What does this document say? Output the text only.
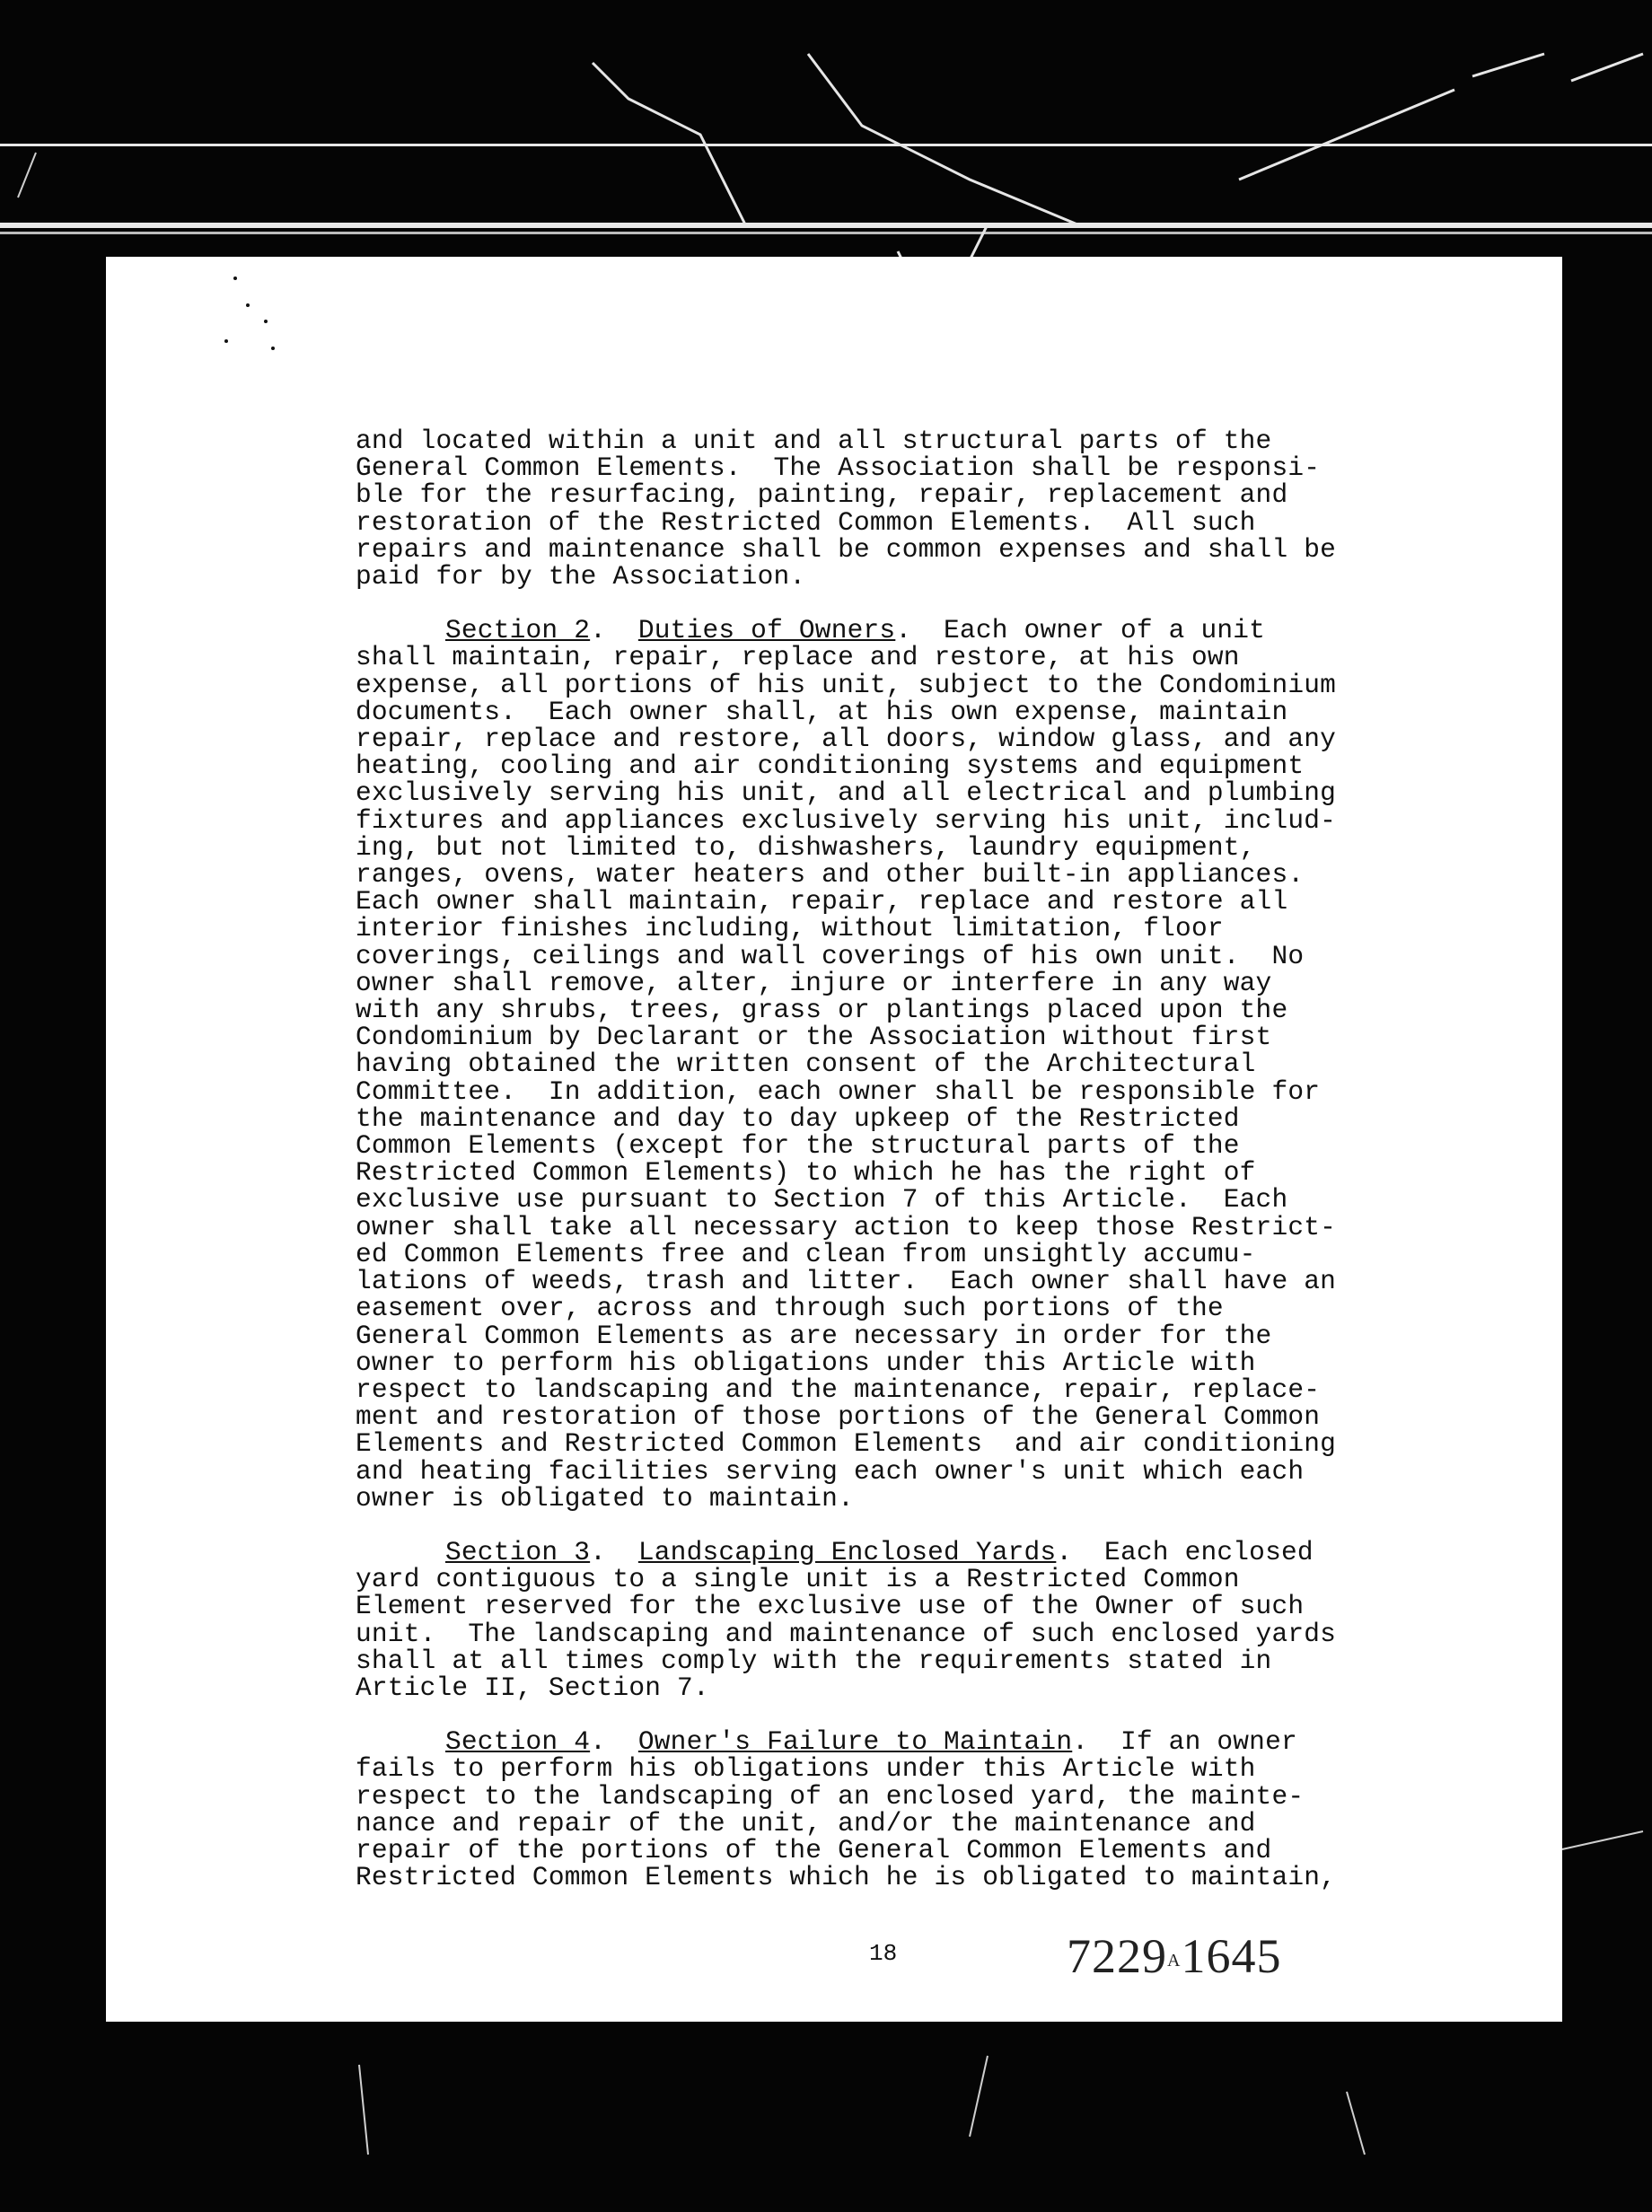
and located within a unit and all structural parts of the
General Common Elements.  The Association shall be responsi-
ble for the resurfacing, painting, repair, replacement and
restoration of the Restricted Common Elements.  All such
repairs and maintenance shall be common expenses and shall be
paid for by the Association.

Section 2.  Duties of Owners.  Each owner of a unit
shall maintain, repair, replace and restore, at his own
expense, all portions of his unit, subject to the Condominium
documents.  Each owner shall, at his own expense, maintain
repair, replace and restore, all doors, window glass, and any
heating, cooling and air conditioning systems and equipment
exclusively serving his unit, and all electrical and plumbing
fixtures and appliances exclusively serving his unit, includ-
ing, but not limited to, dishwashers, laundry equipment,
ranges, ovens, water heaters and other built-in appliances.
Each owner shall maintain, repair, replace and restore all
interior finishes including, without limitation, floor
coverings, ceilings and wall coverings of his own unit.  No
owner shall remove, alter, injure or interfere in any way
with any shrubs, trees, grass or plantings placed upon the
Condominium by Declarant or the Association without first
having obtained the written consent of the Architectural
Committee.  In addition, each owner shall be responsible for
the maintenance and day to day upkeep of the Restricted
Common Elements (except for the structural parts of the
Restricted Common Elements) to which he has the right of
exclusive use pursuant to Section 7 of this Article.  Each
owner shall take all necessary action to keep those Restrict-
ed Common Elements free and clean from unsightly accumu-
lations of weeds, trash and litter.  Each owner shall have an
easement over, across and through such portions of the
General Common Elements as are necessary in order for the
owner to perform his obligations under this Article with
respect to landscaping and the maintenance, repair, replace-
ment and restoration of those portions of the General Common
Elements and Restricted Common Elements  and air conditioning
and heating facilities serving each owner's unit which each
owner is obligated to maintain.

Section 3.  Landscaping Enclosed Yards.  Each enclosed
yard contiguous to a single unit is a Restricted Common
Element reserved for the exclusive use of the Owner of such
unit.  The landscaping and maintenance of such enclosed yards
shall at all times comply with the requirements stated in
Article II, Section 7.

Section 4.  Owner's Failure to Maintain.  If an owner
fails to perform his obligations under this Article with
respect to the landscaping of an enclosed yard, the mainte-
nance and repair of the unit, and/or the maintenance and
repair of the portions of the General Common Elements and
Restricted Common Elements which he is obligated to maintain,

18	7229A1645
